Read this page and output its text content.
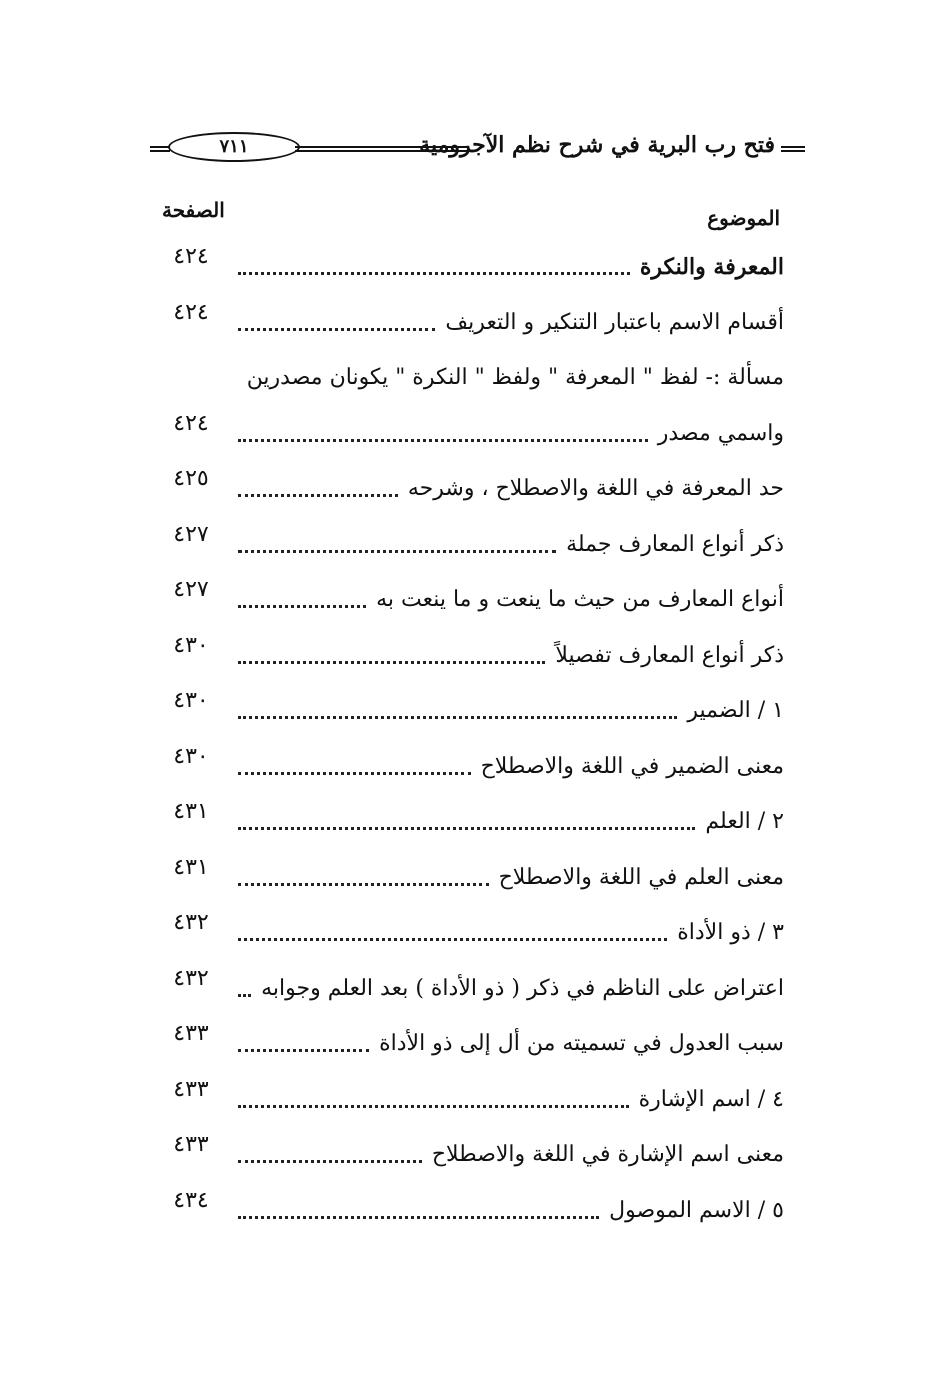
فتح رب البرية في شرح نظم الآجرومية
٧١١
الموضوع
الصفحة
المعرفة والنكرة
٤٢٤
أقسام الاسم باعتبار التنكير و التعريف
٤٢٤
مسألة :- لفظ " المعرفة " ولفظ " النكرة " يكونان مصدرين
واسمي مصدر
٤٢٤
حد المعرفة في اللغة والاصطلاح ، وشرحه
٤٢٥
ذكر أنواع المعارف جملة
٤٢٧
أنواع المعارف من حيث ما ينعت و ما ينعت به
٤٢٧
ذكر أنواع المعارف تفصيلاً
٤٣٠
١ / الضمير
٤٣٠
معنى الضمير في اللغة والاصطلاح
٤٣٠
٢ / العلم
٤٣١
معنى العلم في اللغة والاصطلاح
٤٣١
٣ / ذو الأداة
٤٣٢
اعتراض على الناظم في ذكر ( ذو الأداة ) بعد العلم وجوابه
٤٣٢
سبب العدول في تسميته من أل إلى ذو الأداة
٤٣٣
٤ / اسم الإشارة
٤٣٣
معنى اسم الإشارة في اللغة والاصطلاح
٤٣٣
٥ / الاسم الموصول
٤٣٤
